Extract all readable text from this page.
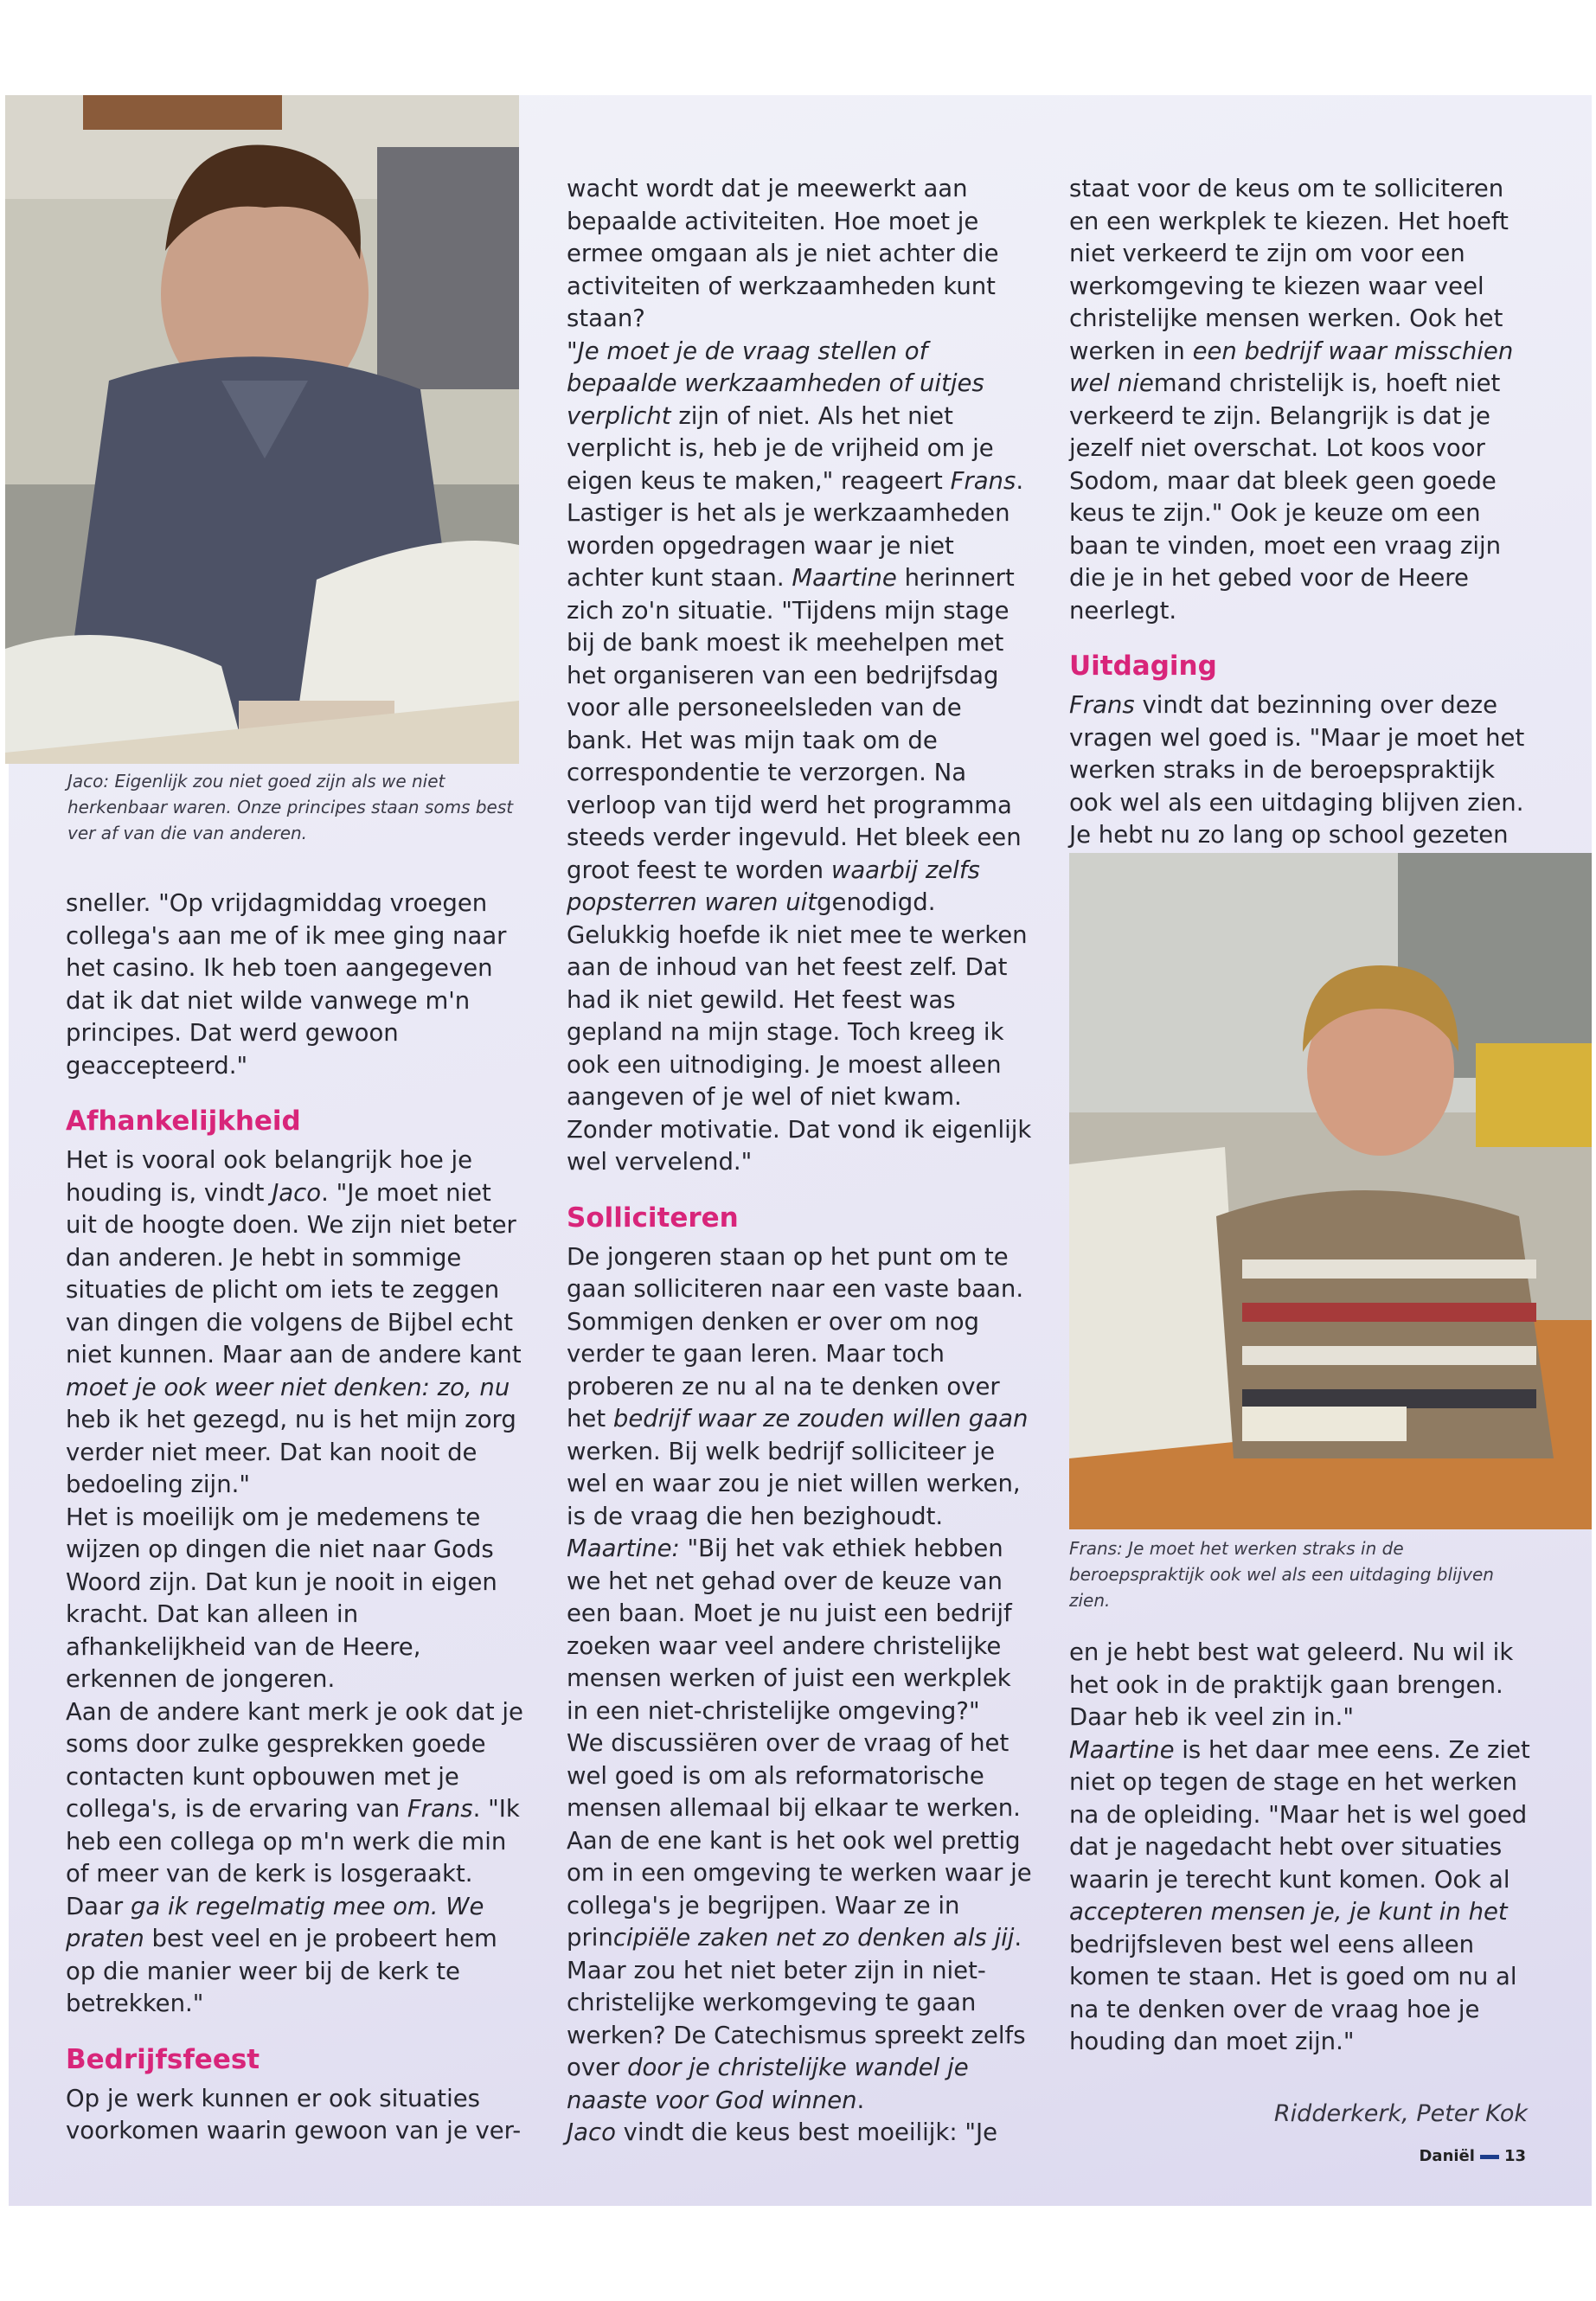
Jaco: Eigenlijk zou niet goed zijn als we niet herkenbaar waren. Onze principes staan soms best ver af van die van anderen.
Frans: Je moet het werken straks in de beroepspraktijk ook wel als een uitdaging blijven zien.

sneller. "Op vrijdagmiddag vroegen collega's aan me of ik mee ging naar het casino. Ik heb toen aangegeven dat ik dat niet wilde vanwege m'n principes. Dat werd gewoon geaccepteerd."

Afhankelijkheid

Het is vooral ook belangrijk hoe je houding is, vindt Jaco. "Je moet niet uit de hoogte doen. We zijn niet beter dan anderen. Je hebt in sommige situaties de plicht om iets te zeggen van dingen die volgens de Bijbel echt niet kunnen. Maar aan de andere kant moet je ook weer niet denken: zo, nu heb ik het gezegd, nu is het mijn zorg verder niet meer. Dat kan nooit de bedoeling zijn."

Het is moeilijk om je medemens te wijzen op dingen die niet naar Gods Woord zijn. Dat kun je nooit in eigen kracht. Dat kan alleen in afhankelijkheid van de Heere, erkennen de jongeren.

Aan de andere kant merk je ook dat je soms door zulke gesprekken goede contacten kunt opbouwen met je collega's, is de ervaring van Frans. "Ik heb een collega op m'n werk die min of meer van de kerk is losgeraakt. Daar ga ik regelmatig mee om. We praten best veel en je probeert hem op die manier weer bij de kerk te betrekken."

Bedrijfsfeest

Op je werk kunnen er ook situaties voorkomen waarin gewoon van je ver-

wacht wordt dat je meewerkt aan bepaalde activiteiten. Hoe moet je ermee omgaan als je niet achter die activiteiten of werkzaamheden kunt staan?

"Je moet je de vraag stellen of bepaalde werkzaamheden of uitjes verplicht zijn of niet. Als het niet verplicht is, heb je de vrijheid om je eigen keus te maken," reageert Frans.

Lastiger is het als je werkzaamheden worden opgedragen waar je niet achter kunt staan. Maartine herinnert zich zo'n situatie. "Tijdens mijn stage bij de bank moest ik meehelpen met het organiseren van een bedrijfsdag voor alle personeelsleden van de bank. Het was mijn taak om de correspondentie te verzorgen. Na verloop van tijd werd het programma steeds verder ingevuld. Het bleek een groot feest te worden waarbij zelfs popsterren waren uitgenodigd. Gelukkig hoefde ik niet mee te werken aan de inhoud van het feest zelf. Dat had ik niet gewild. Het feest was gepland na mijn stage. Toch kreeg ik ook een uitnodiging. Je moest alleen aangeven of je wel of niet kwam. Zonder motivatie. Dat vond ik eigenlijk wel vervelend."

Solliciteren

De jongeren staan op het punt om te gaan solliciteren naar een vaste baan. Sommigen denken er over om nog verder te gaan leren. Maar toch proberen ze nu al na te denken over het bedrijf waar ze zouden willen gaan werken. Bij welk bedrijf solliciteer je wel en waar zou je niet willen werken, is de vraag die hen bezighoudt.

Maartine: "Bij het vak ethiek hebben we het net gehad over de keuze van een baan. Moet je nu juist een bedrijf zoeken waar veel andere christelijke mensen werken of juist een werkplek in een niet-christelijke omgeving?"

We discussiëren over de vraag of het wel goed is om als reformatorische mensen allemaal bij elkaar te werken. Aan de ene kant is het ook wel prettig om in een omgeving te werken waar je collega's je begrijpen. Waar ze in principiële zaken net zo denken als jij.

Maar zou het niet beter zijn in niet-christelijke werkomgeving te gaan werken? De Catechismus spreekt zelfs over door je christelijke wandel je naaste voor God winnen.

Jaco vindt die keus best moeilijk: "Je

staat voor de keus om te solliciteren en een werkplek te kiezen. Het hoeft niet verkeerd te zijn om voor een werkomgeving te kiezen waar veel christelijke mensen werken. Ook het werken in een bedrijf waar misschien wel niemand christelijk is, hoeft niet verkeerd te zijn. Belangrijk is dat je jezelf niet overschat. Lot koos voor Sodom, maar dat bleek geen goede keus te zijn." Ook je keuze om een baan te vinden, moet een vraag zijn die je in het gebed voor de Heere neerlegt.

Uitdaging

Frans vindt dat bezinning over deze vragen wel goed is. "Maar je moet het werken straks in de beroepspraktijk ook wel als een uitdaging blijven zien. Je hebt nu zo lang op school gezeten

en je hebt best wat geleerd. Nu wil ik het ook in de praktijk gaan brengen. Daar heb ik veel zin in."

Maartine is het daar mee eens. Ze ziet niet op tegen de stage en het werken na de opleiding. "Maar het is wel goed dat je nagedacht hebt over situaties waarin je terecht kunt komen. Ook al accepteren mensen je, je kunt in het bedrijfsleven best wel eens alleen komen te staan. Het is goed om nu al na te denken over de vraag hoe je houding dan moet zijn."

Ridderkerk, Peter Kok
Daniël 13
